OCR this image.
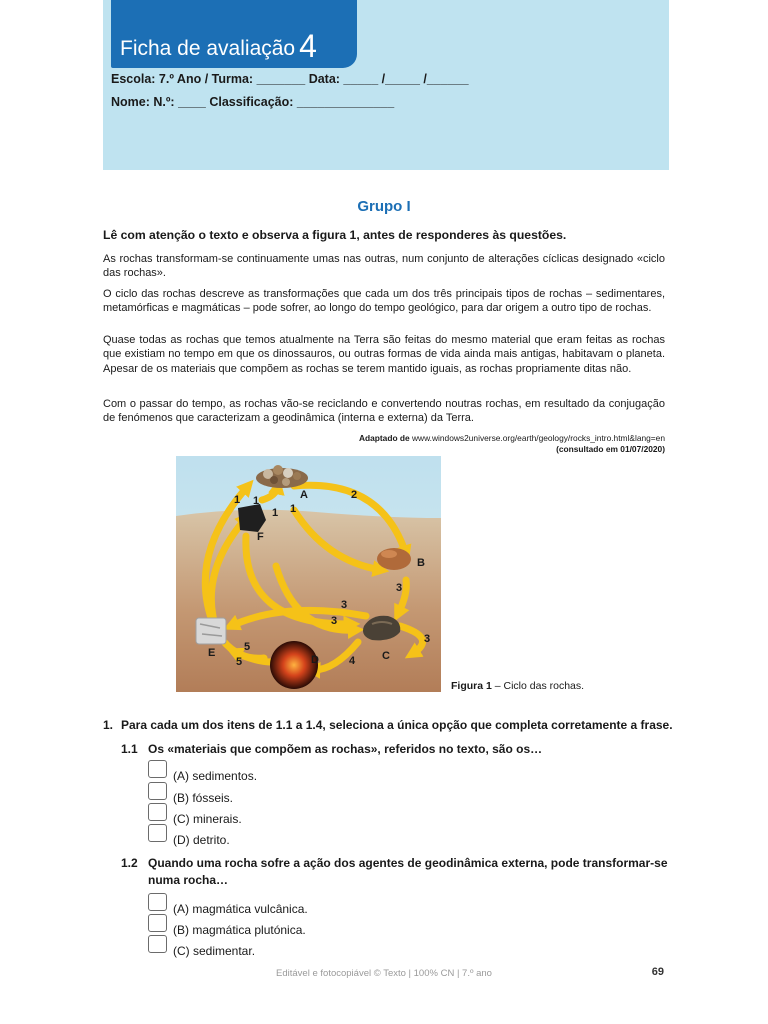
Ficha de avaliação 4
Escola: 7.º Ano / Turma: _______ Data: _____ /_____ /______
Nome: N.º: ____ Classificação: ______________
Grupo I
Lê com atenção o texto e observa a figura 1, antes de responderes às questões.

As rochas transformam-se continuamente umas nas outras, num conjunto de alterações cíclicas designado «ciclo das rochas».

O ciclo das rochas descreve as transformações que cada um dos três principais tipos de rochas – sedimentares, metamórficas e magmáticas – pode sofrer, ao longo do tempo geológico, para dar origem a outro tipo de rochas.

Quase todas as rochas que temos atualmente na Terra são feitas do mesmo material que eram feitas as rochas que existiam no tempo em que os dinossauros, ou outras formas de vida ainda mais antigas, habitavam o planeta. Apesar de os materiais que compõem as rochas se terem mantido iguais, as rochas propriamente ditas não.

Com o passar do tempo, as rochas vão-se reciclando e convertendo noutras rochas, em resultado da conjugação de fenómenos que caracterizam a geodinâmica (interna e externa) da Terra.

Adaptado de www.windows2universe.org/earth/geology/rocks_intro.html&lang=en
(consultado em 01/07/2020)
A
B
C
D
E
F
1 1
1 1
2
3
3
3
3
4
5
5
Figura 1 – Ciclo das rochas.
1. Para cada um dos itens de 1.1 a 1.4, seleciona a única opção que completa corretamente a frase.
1.1 Os «materiais que compõem as rochas», referidos no texto, são os…
(A) sedimentos.
(B) fósseis.
(C) minerais.
(D) detrito.
1.2 Quando uma rocha sofre a ação dos agentes de geodinâmica externa, pode transformar-se
numa rocha…
(A) magmática vulcânica.
(B) magmática plutónica.
(C) sedimentar.
Editável e fotocopiável © Texto | 100% CN | 7.º ano	69
